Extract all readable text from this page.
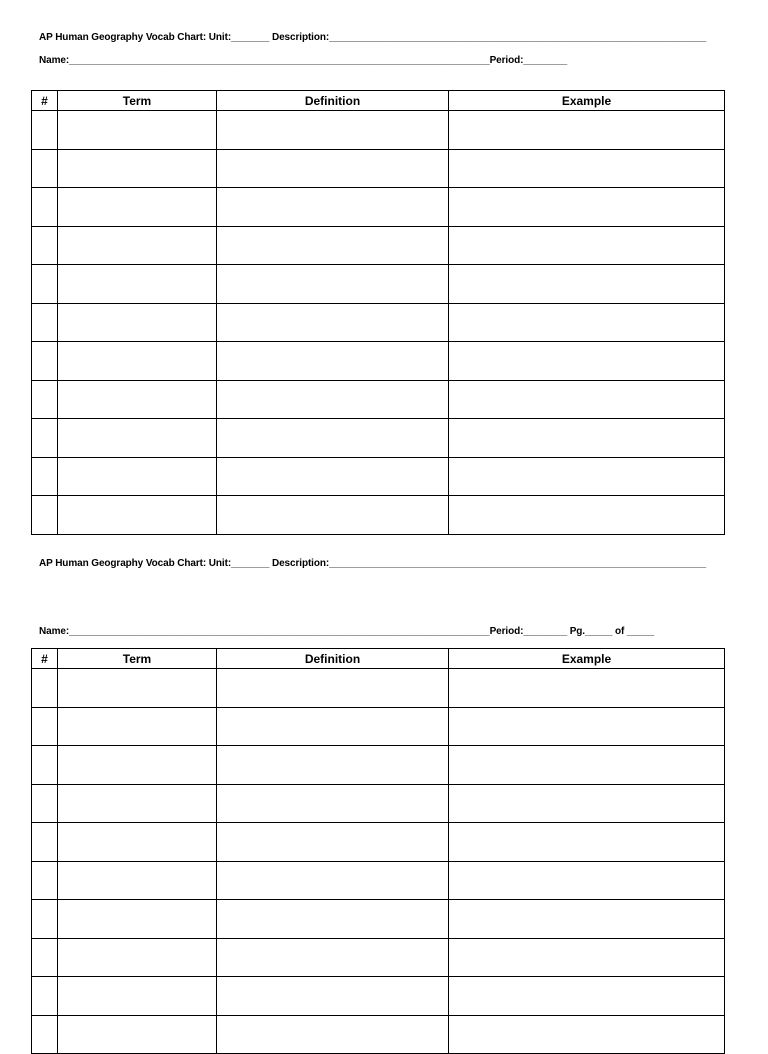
AP Human Geography Vocab Chart: Unit:_______ Description:_____________________________________________________________________
Name:_____________________________________________________________________________Period:________
#	Term	Definition	Example

AP Human Geography Vocab Chart: Unit:_______ Description:_____________________________________________________________________
Name:_____________________________________________________________________________Period:________ Pg._____ of _____
#	Term	Definition	Example
